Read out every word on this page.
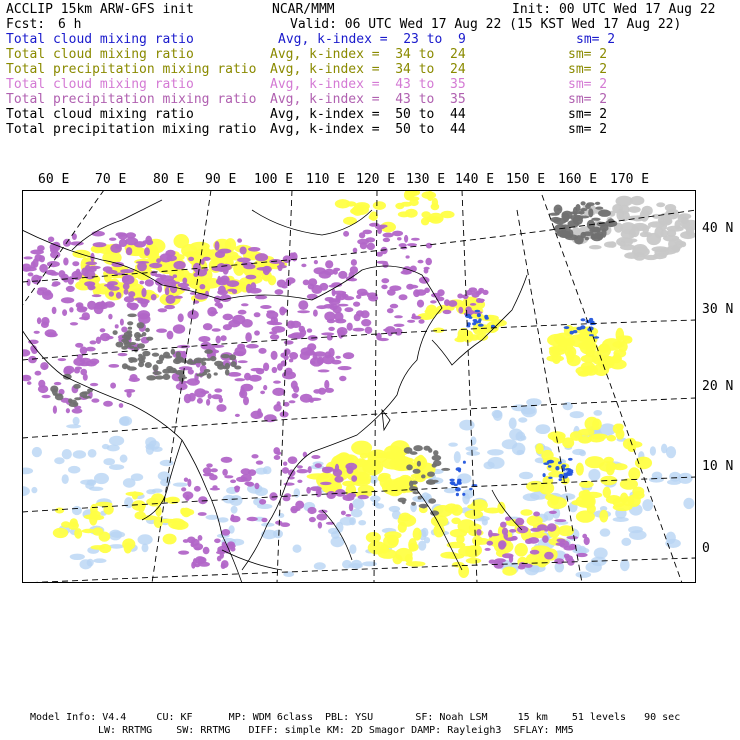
ACCLIP 15km ARW-GFS init	NCAR/MMM	Init: 00 UTC Wed 17 Aug 22
Fcst: 6 h	Valid: 06 UTC Wed 17 Aug 22 (15 KST Wed 17 Aug 22)
Total cloud mixing ratio	Avg, k-index =  23 to  9	sm= 2
Total cloud mixing ratio	Avg, k-index =  34 to  24	sm= 2
Total precipitation mixing ratio Avg, k-index =  34 to  24	sm= 2
Total cloud mixing ratio	Avg, k-index =  43 to  35	sm= 2
Total precipitation mixing ratio Avg, k-index =  43 to  35	sm= 2
Total cloud mixing ratio	Avg, k-index =  50 to  44	sm= 2
Total precipitation mixing ratio Avg, k-index =  50 to  44	sm= 2
60 E 70 E 80 E 90 E 100 E 110 E 120 E 130 E 140 E 150 E 160 E 170 E
40 N
30 N
20 N
10 N
0
Model Info: V4.4     CU: KF      MP: WDM 6class  PBL: YSU       SF: Noah LSM     15 km    51 levels   90 sec
LW: RRTMG    SW: RRTMG   DIFF: simple KM: 2D Smagor DAMP: Rayleigh3  SFLAY: MM5
